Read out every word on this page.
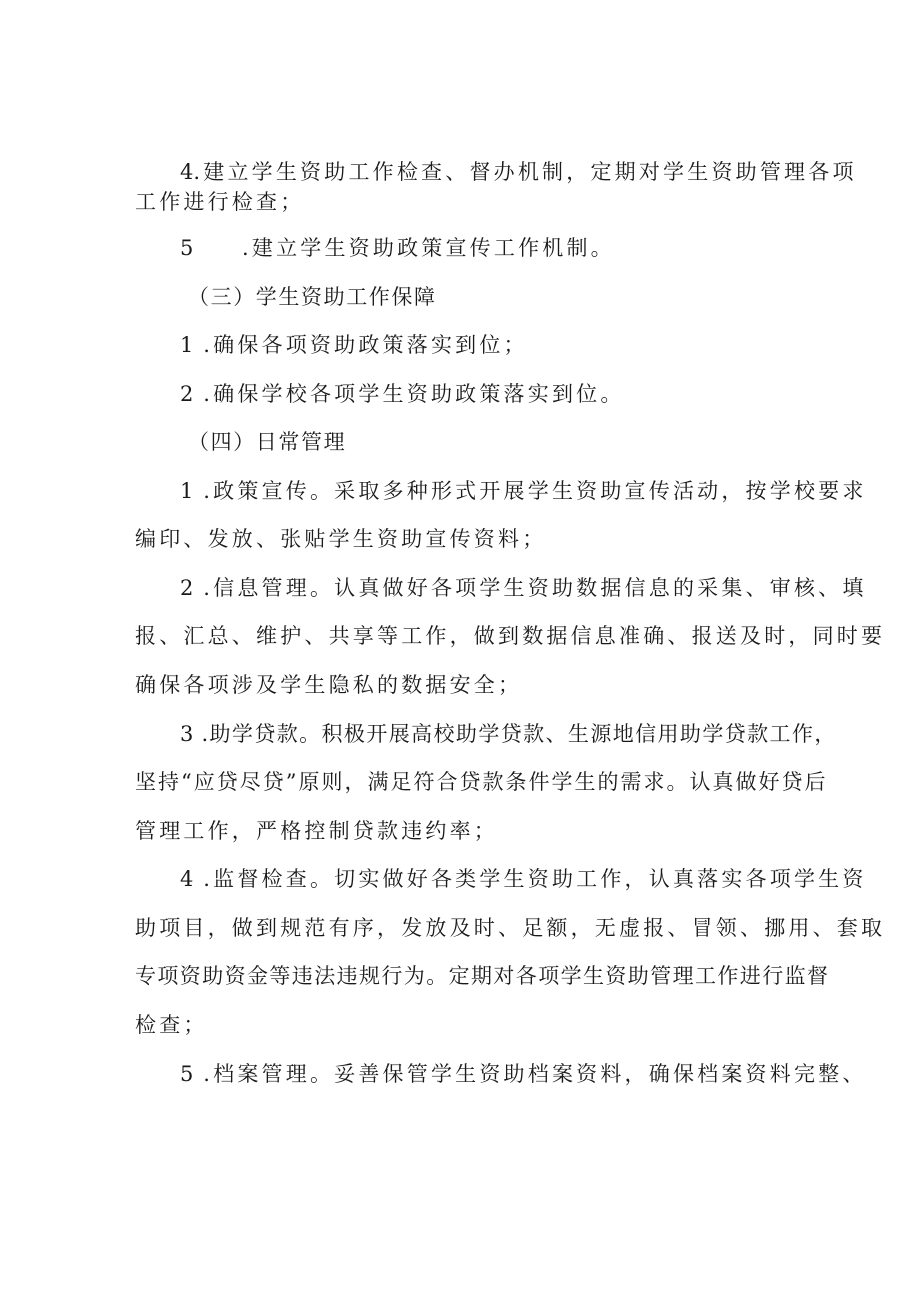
4.建立学生资助工作检查、督办机制，定期对学生资助管理各项
工作进行检查；
5 .建立学生资助政策宣传工作机制。
（三）学生资助工作保障
1 .确保各项资助政策落实到位；
2 .确保学校各项学生资助政策落实到位。
（四）日常管理
1 .政策宣传。采取多种形式开展学生资助宣传活动，按学校要求
编印、发放、张贴学生资助宣传资料；
2 .信息管理。认真做好各项学生资助数据信息的采集、审核、填
报、汇总、维护、共享等工作，做到数据信息准确、报送及时，同时要
确保各项涉及学生隐私的数据安全；
3 .助学贷款。积极开展高校助学贷款、生源地信用助学贷款工作，
坚持“应贷尽贷”原则，满足符合贷款条件学生的需求。认真做好贷后
管理工作，严格控制贷款违约率；
4 .监督检查。切实做好各类学生资助工作，认真落实各项学生资
助项目，做到规范有序，发放及时、足额，无虚报、冒领、挪用、套取
专项资助资金等违法违规行为。定期对各项学生资助管理工作进行监督
检查；
5 .档案管理。妥善保管学生资助档案资料，确保档案资料完整、
